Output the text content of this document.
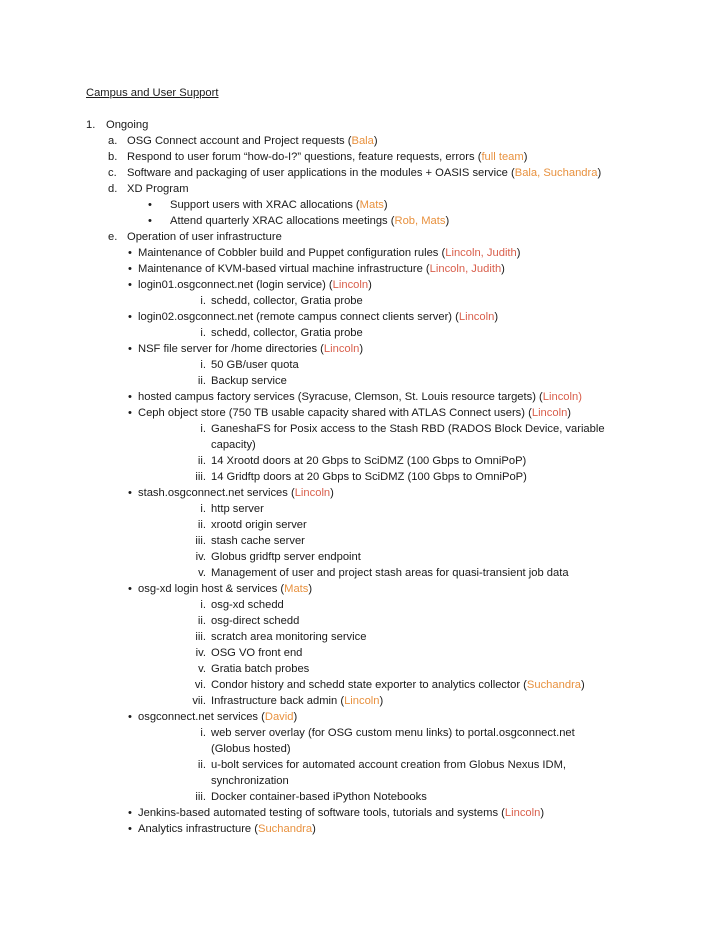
Campus and User Support
1. Ongoing
a. OSG Connect account and Project requests (Bala)
b. Respond to user forum “how-do-I?” questions, feature requests, errors (full team)
c. Software and packaging of user applications in the modules + OASIS service (Bala, Suchandra)
d. XD Program
• Support users with XRAC allocations (Mats)
• Attend quarterly XRAC allocations meetings (Rob, Mats)
e. Operation of user infrastructure
• Maintenance of Cobbler build and Puppet configuration rules (Lincoln, Judith)
• Maintenance of KVM-based virtual machine infrastructure (Lincoln, Judith)
• login01.osgconnect.net (login service) (Lincoln)
i. schedd, collector, Gratia probe
• login02.osgconnect.net (remote campus connect clients server) (Lincoln)
i. schedd, collector, Gratia probe
• NSF file server for /home directories (Lincoln)
i. 50 GB/user quota
ii. Backup service
• hosted campus factory services (Syracuse, Clemson, St. Louis resource targets) (Lincoln)
• Ceph object store (750 TB usable capacity shared with ATLAS Connect users) (Lincoln)
i. GaneshaFS for Posix access to the Stash RBD (RADOS Block Device, variable
capacity)
ii. 14 Xrootd doors at 20 Gbps to SciDMZ (100 Gbps to OmniPoP)
iii. 14 Gridftp doors at 20 Gbps to SciDMZ (100 Gbps to OmniPoP)
• stash.osgconnect.net services (Lincoln)
i. http server
ii. xrootd origin server
iii. stash cache server
iv. Globus gridftp server endpoint
v. Management of user and project stash areas for quasi-transient job data
• osg-xd login host & services (Mats)
i. osg-xd schedd
ii. osg-direct schedd
iii. scratch area monitoring service
iv. OSG VO front end
v. Gratia batch probes
vi. Condor history and schedd state exporter to analytics collector (Suchandra)
vii. Infrastructure back admin (Lincoln)
• osgconnect.net services (David)
i. web server overlay (for OSG custom menu links) to portal.osgconnect.net
(Globus hosted)
ii. u-bolt services for automated account creation from Globus Nexus IDM,
synchronization
iii. Docker container-based iPython Notebooks
• Jenkins-based automated testing of software tools, tutorials and systems (Lincoln)
• Analytics infrastructure (Suchandra)
